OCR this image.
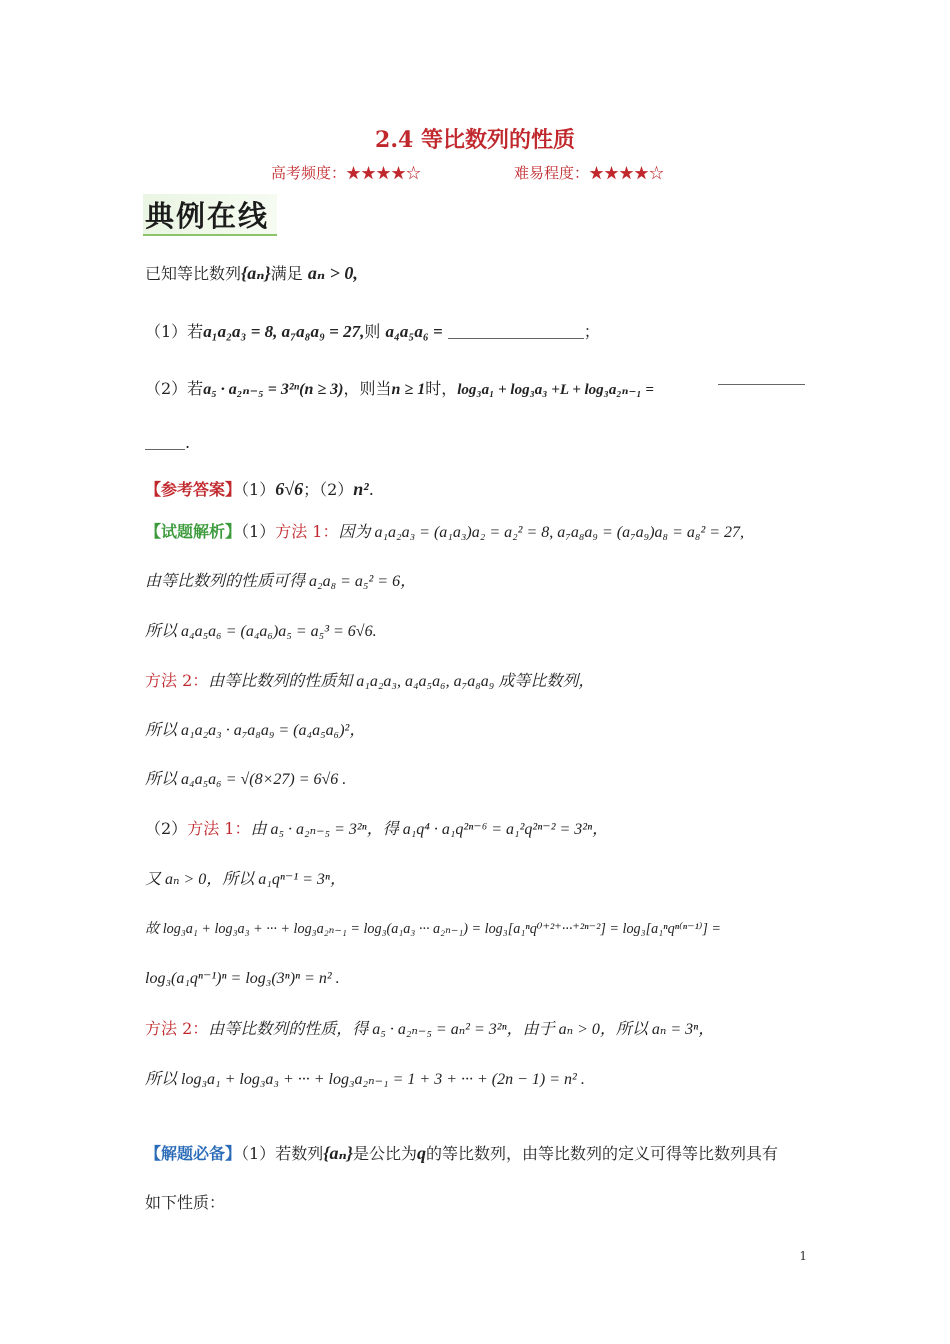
2.4 等比数列的性质
高考频度：★★★★☆	难易程度：★★★★☆
典例在线
已知等比数列{aₙ}满足 aₙ > 0,
（1）若a₁a₂a₃ = 8, a₇a₈a₉ = 27,则 a₄a₅a₆ =	；
（2）若a₅ · a₂ₙ₋₅ = 3²ⁿ(n ≥ 3)，则当n ≥ 1时，log₃a₁ + log₃a₃ +L + log₃a₂ₙ₋₁ =
.
【参考答案】（1）6√6；（2）n².
【试题解析】（1）方法 1：因为 a₁a₂a₃ = (a₁a₃)a₂ = a₂² = 8, a₇a₈a₉ = (a₇a₉)a₈ = a₈² = 27,
由等比数列的性质可得 a₂a₈ = a₅² = 6，
所以 a₄a₅a₆ = (a₄a₆)a₅ = a₅³ = 6√6.
方法 2：由等比数列的性质知 a₁a₂a₃, a₄a₅a₆, a₇a₈a₉ 成等比数列，
所以 a₁a₂a₃ · a₇a₈a₉ = (a₄a₅a₆)²，
所以 a₄a₅a₆ = √(8×27) = 6√6 .
（2）方法 1：由 a₅ · a₂ₙ₋₅ = 3²ⁿ，得 a₁q⁴ · a₁q²ⁿ⁻⁶ = a₁²q²ⁿ⁻² = 3²ⁿ，
又 aₙ > 0，所以 a₁qⁿ⁻¹ = 3ⁿ，
故 log₃a₁ + log₃a₃ + ··· + log₃a₂ₙ₋₁ = log₃(a₁a₃ ··· a₂ₙ₋₁) = log₃[a₁ⁿq⁰⁺²⁺···⁺²ⁿ⁻²] = log₃[a₁ⁿqⁿ⁽ⁿ⁻¹⁾] =
log₃(a₁qⁿ⁻¹)ⁿ = log₃(3ⁿ)ⁿ = n² .
方法 2：由等比数列的性质，得 a₅ · a₂ₙ₋₅ = aₙ² = 3²ⁿ，由于 aₙ > 0，所以 aₙ = 3ⁿ，
所以 log₃a₁ + log₃a₃ + ··· + log₃a₂ₙ₋₁ = 1 + 3 + ··· + (2n − 1) = n² .
【解题必备】（1）若数列{aₙ}是公比为q的等比数列，由等比数列的定义可得等比数列具有
如下性质：
1
